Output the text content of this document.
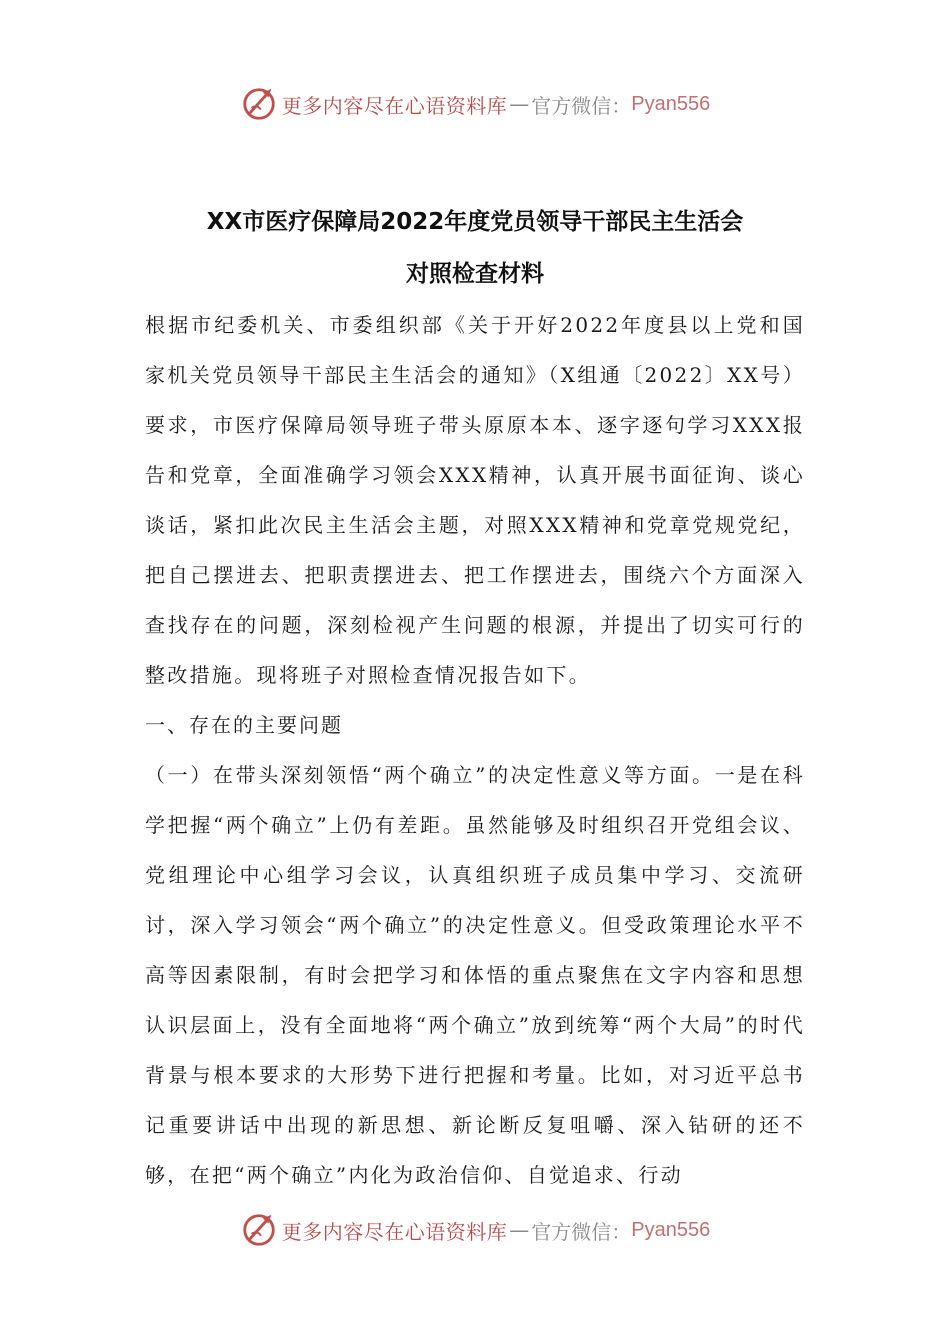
更多内容尽在心语资料库 — 官方微信： Pyan556
XX市医疗保障局2022年度党员领导干部民主生活会
对照检查材料

根据市纪委机关、市委组织部《关于开好2022年度县以上党和国家机关党员领导干部民主生活会的通知》（X组通〔2022〕XX号）要求，市医疗保障局领导班子带头原原本本、逐字逐句学习XXX报告和党章，全面准确学习领会XXX精神，认真开展书面征询、谈心谈话，紧扣此次民主生活会主题，对照XXX精神和党章党规党纪，把自己摆进去、把职责摆进去、把工作摆进去，围绕六个方面深入查找存在的问题，深刻检视产生问题的根源，并提出了切实可行的整改措施。现将班子对照检查情况报告如下。

一、存在的主要问题

（一）在带头深刻领悟“两个确立”的决定性意义等方面。一是在科学把握“两个确立”上仍有差距。虽然能够及时组织召开党组会议、党组理论中心组学习会议，认真组织班子成员集中学习、交流研讨，深入学习领会“两个确立”的决定性意义。但受政策理论水平不高等因素限制，有时会把学习和体悟的重点聚焦在文字内容和思想认识层面上，没有全面地将“两个确立”放到统筹“两个大局”的时代背景与根本要求的大形势下进行把握和考量。比如，对习近平总书记重要讲话中出现的新思想、新论断反复咀嚼、深入钻研的还不够，在把“两个确立”内化为政治信仰、自觉追求、行动

更多内容尽在心语资料库 — 官方微信： Pyan556
